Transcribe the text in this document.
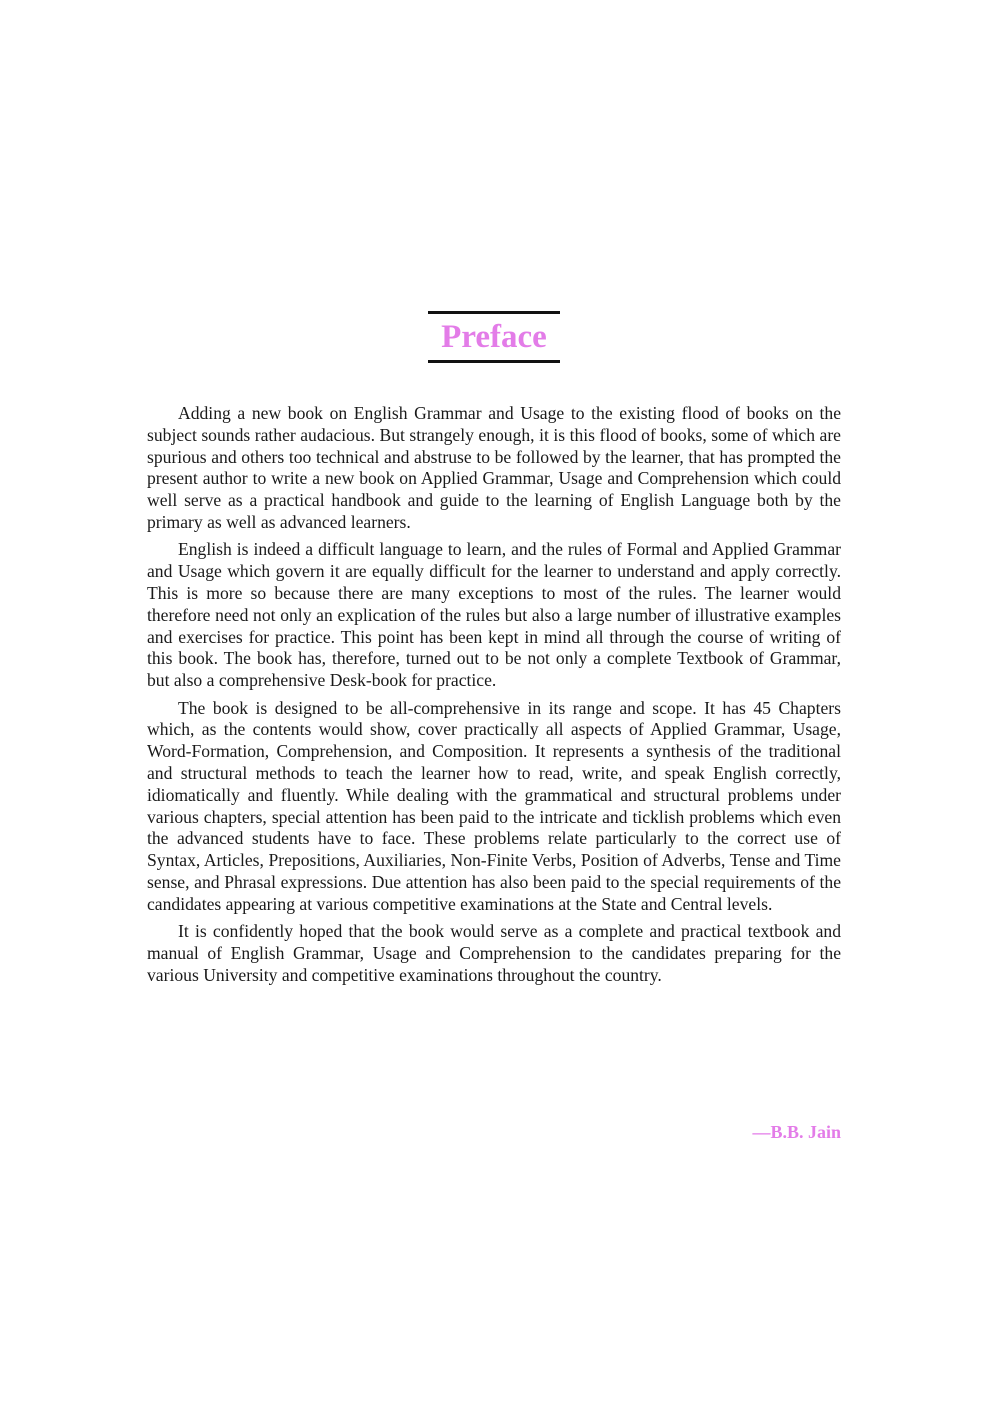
Preface

Adding a new book on English Grammar and Usage to the existing flood of books on the subject sounds rather audacious. But strangely enough, it is this flood of books, some of which are spurious and others too technical and abstruse to be followed by the learner, that has prompted the present author to write a new book on Applied Grammar, Usage and Comprehension which could well serve as a practical handbook and guide to the learning of English Language both by the primary as well as advanced learners.

English is indeed a difficult language to learn, and the rules of Formal and Applied Grammar and Usage which govern it are equally difficult for the learner to understand and apply correctly. This is more so because there are many exceptions to most of the rules. The learner would therefore need not only an explication of the rules but also a large number of illustrative examples and exercises for practice. This point has been kept in mind all through the course of writing of this book. The book has, therefore, turned out to be not only a complete Textbook of Grammar, but also a comprehensive Desk-book for practice.

The book is designed to be all-comprehensive in its range and scope. It has 45 Chapters which, as the contents would show, cover practically all aspects of Applied Grammar, Usage, Word-Formation, Comprehension, and Composition. It represents a synthesis of the traditional and structural methods to teach the learner how to read, write, and speak English correctly, idiomatically and fluently. While dealing with the grammatical and structural problems under various chapters, special attention has been paid to the intricate and ticklish problems which even the advanced students have to face. These problems relate particularly to the correct use of Syntax, Articles, Prepositions, Auxiliaries, Non-Finite Verbs, Position of Adverbs, Tense and Time sense, and Phrasal expressions. Due attention has also been paid to the special requirements of the candidates appearing at various competitive examinations at the State and Central levels.

It is confidently hoped that the book would serve as a complete and practical textbook and manual of English Grammar, Usage and Comprehension to the candidates preparing for the various University and competitive examinations throughout the country.

—B.B. Jain
